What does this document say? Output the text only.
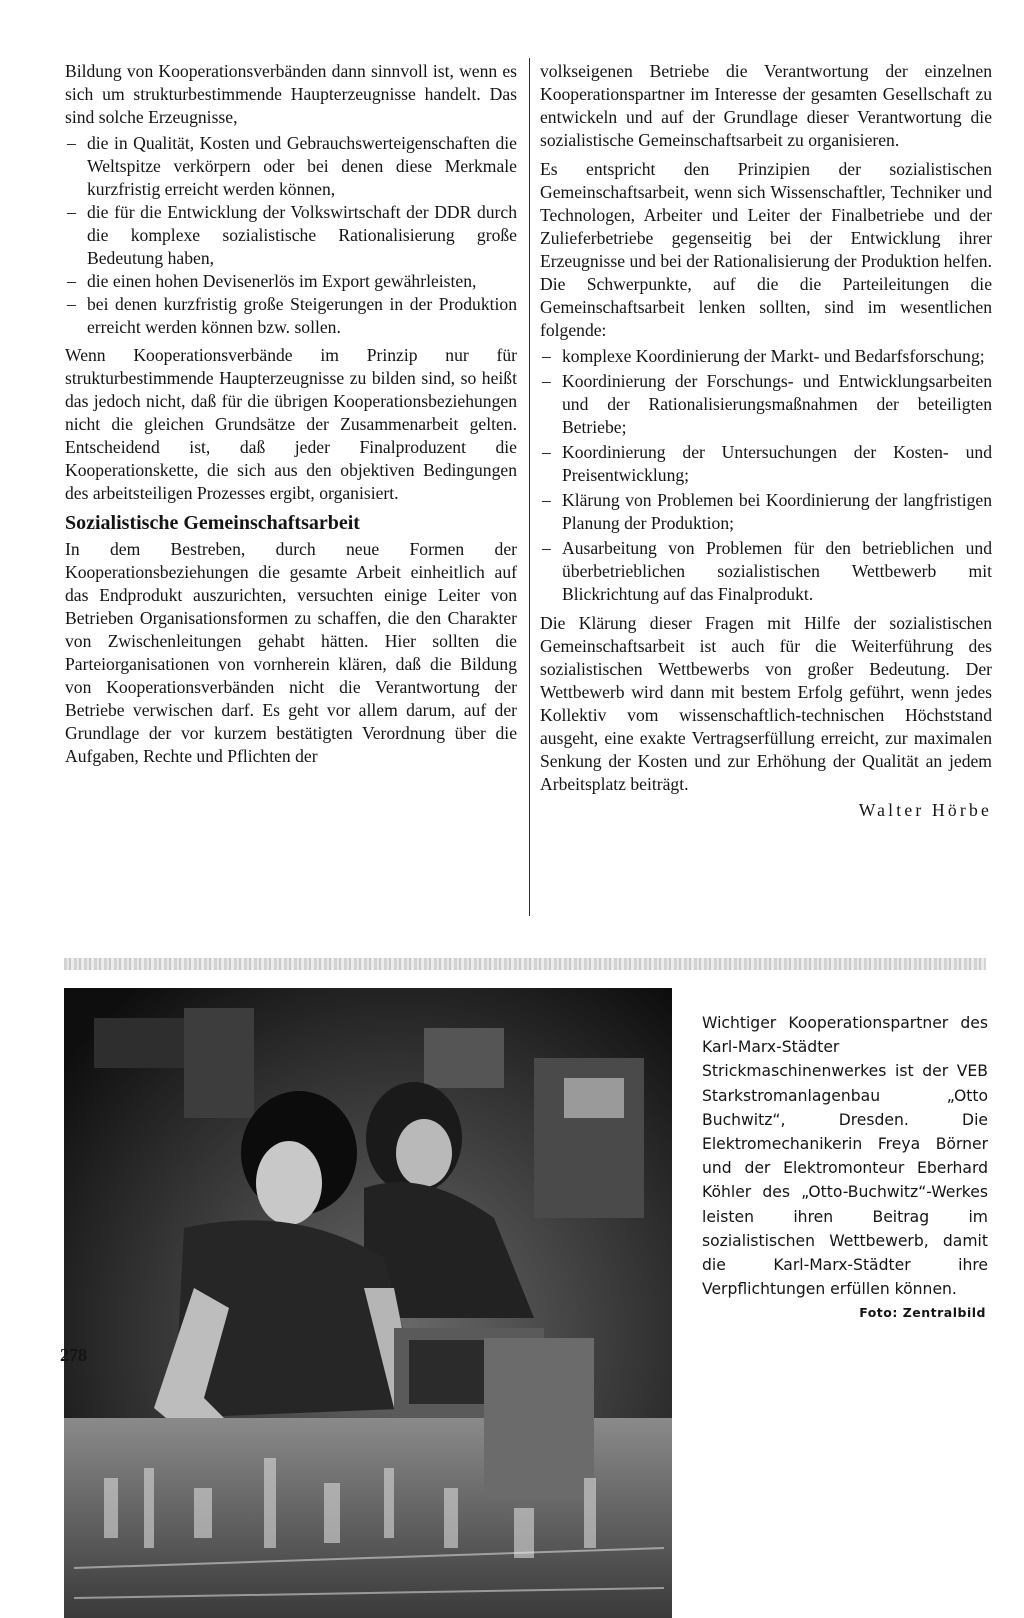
Bildung von Kooperationsverbänden dann sinnvoll ist, wenn es sich um strukturbestimmende Haupterzeugnisse handelt. Das sind solche Erzeugnisse,

– die in Qualität, Kosten und Gebrauchswerteigenschaften die Weltspitze verkörpern oder bei denen diese Merkmale kurzfristig erreicht werden können,
– die für die Entwicklung der Volkswirtschaft der DDR durch die komplexe sozialistische Rationalisierung große Bedeutung haben,
– die einen hohen Devisenerlös im Export gewährleisten,
– bei denen kurzfristig große Steigerungen in der Produktion erreicht werden können bzw. sollen.

Wenn Kooperationsverbände im Prinzip nur für strukturbestimmende Haupterzeugnisse zu bilden sind, so heißt das jedoch nicht, daß für die übrigen Kooperationsbeziehungen nicht die gleichen Grundsätze der Zusammenarbeit gelten. Entscheidend ist, daß jeder Finalproduzent die Kooperationskette, die sich aus den objektiven Bedingungen des arbeitsteiligen Prozesses ergibt, organisiert.

Sozialistische Gemeinschaftsarbeit

In dem Bestreben, durch neue Formen der Kooperationsbeziehungen die gesamte Arbeit einheitlich auf das Endprodukt auszurichten, versuchten einige Leiter von Betrieben Organisationsformen zu schaffen, die den Charakter von Zwischenleitungen gehabt hätten. Hier sollten die Parteiorganisationen von vornherein klären, daß die Bildung von Kooperationsverbänden nicht die Verantwortung der Betriebe verwischen darf. Es geht vor allem darum, auf der Grundlage der vor kurzem bestätigten Verordnung über die Aufgaben, Rechte und Pflichten der

volkseigenen Betriebe die Verantwortung der einzelnen Kooperationspartner im Interesse der gesamten Gesellschaft zu entwickeln und auf der Grundlage dieser Verantwortung die sozialistische Gemeinschaftsarbeit zu organisieren.

Es entspricht den Prinzipien der sozialistischen Gemeinschaftsarbeit, wenn sich Wissenschaftler, Techniker und Technologen, Arbeiter und Leiter der Finalbetriebe und der Zulieferbetriebe gegenseitig bei der Entwicklung ihrer Erzeugnisse und bei der Rationalisierung der Produktion helfen. Die Schwerpunkte, auf die die Parteileitungen die Gemeinschaftsarbeit lenken sollten, sind im wesentlichen folgende:

– komplexe Koordinierung der Markt- und Bedarfsforschung;
– Koordinierung der Forschungs- und Entwicklungsarbeiten und der Rationalisierungsmaßnahmen der beteiligten Betriebe;
– Koordinierung der Untersuchungen der Kosten- und Preisentwicklung;
– Klärung von Problemen bei Koordinierung der langfristigen Planung der Produktion;
– Ausarbeitung von Problemen für den betrieblichen und überbetrieblichen sozialistischen Wettbewerb mit Blickrichtung auf das Finalprodukt.

Die Klärung dieser Fragen mit Hilfe der sozialistischen Gemeinschaftsarbeit ist auch für die Weiterführung des sozialistischen Wettbewerbs von großer Bedeutung. Der Wettbewerb wird dann mit bestem Erfolg geführt, wenn jedes Kollektiv vom wissenschaftlich-technischen Höchststand ausgeht, eine exakte Vertragserfüllung erreicht, zur maximalen Senkung der Kosten und zur Erhöhung der Qualität an jedem Arbeitsplatz beiträgt.

Walter Hörbe
Wichtiger Kooperationspartner des Karl-Marx-Städter Strickmaschinenwerkes ist der VEB Starkstromanlagenbau „Otto Buchwitz“, Dresden. Die Elektromechanikerin Freya Börner und der Elektromonteur Eberhard Köhler des „Otto-Buchwitz“-Werkes leisten ihren Beitrag im sozialistischen Wettbewerb, damit die Karl-Marx-Städter ihre Verpflichtungen erfüllen können.
Foto: Zentralbild
278
